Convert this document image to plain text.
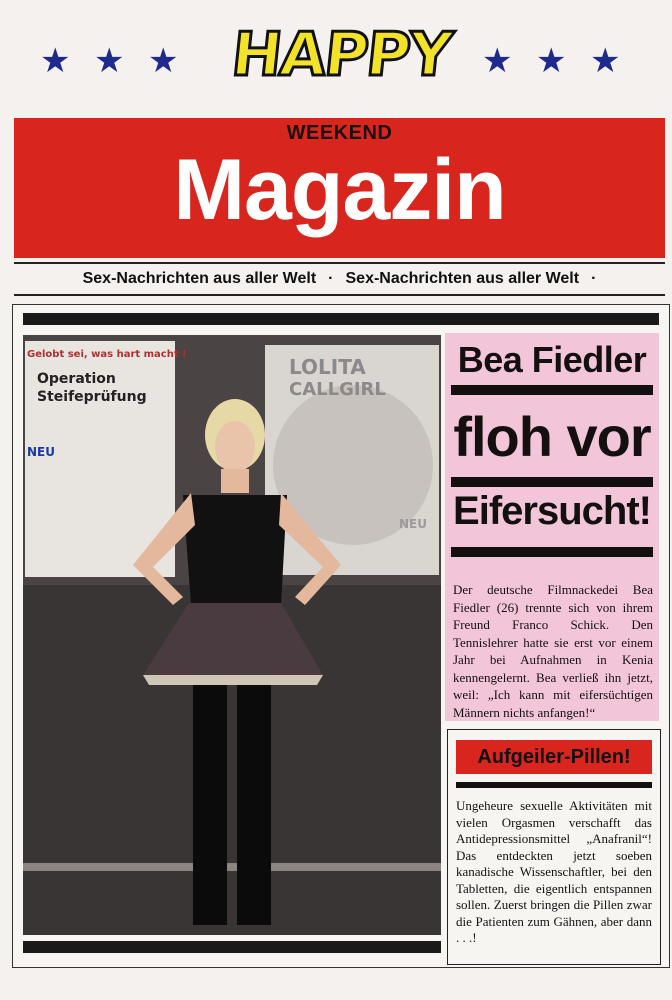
★ ★ ★ HAPPY ★ ★ ★
WEEKEND
Magazin
Sex-Nachrichten aus aller Welt · Sex-Nachrichten aus aller Welt ·
Gelobt sei, was hart macht !
Operation
Steifeprüfung
NEU
LOLITA
CALLGIRL
NEU
Bea Fiedler
floh vor
Eifersucht!
Der deutsche Filmnackedei Bea Fiedler (26) trennte sich von ihrem Freund Franco Schick. Den Tennislehrer hatte sie erst vor einem Jahr bei Aufnahmen in Kenia kennengelernt. Bea verließ ihn jetzt, weil: „Ich kann mit eifersüchtigen Männern nichts anfangen!“
Aufgeiler-Pillen!
Ungeheure sexuelle Aktivitäten mit vielen Orgasmen verschafft das Antidepressionsmittel „Anafranil“! Das entdeckten jetzt soeben kanadische Wissenschaftler, bei den Tabletten, die eigentlich entspannen sollen. Zuerst bringen die Pillen zwar die Patienten zum Gähnen, aber dann . . .!
